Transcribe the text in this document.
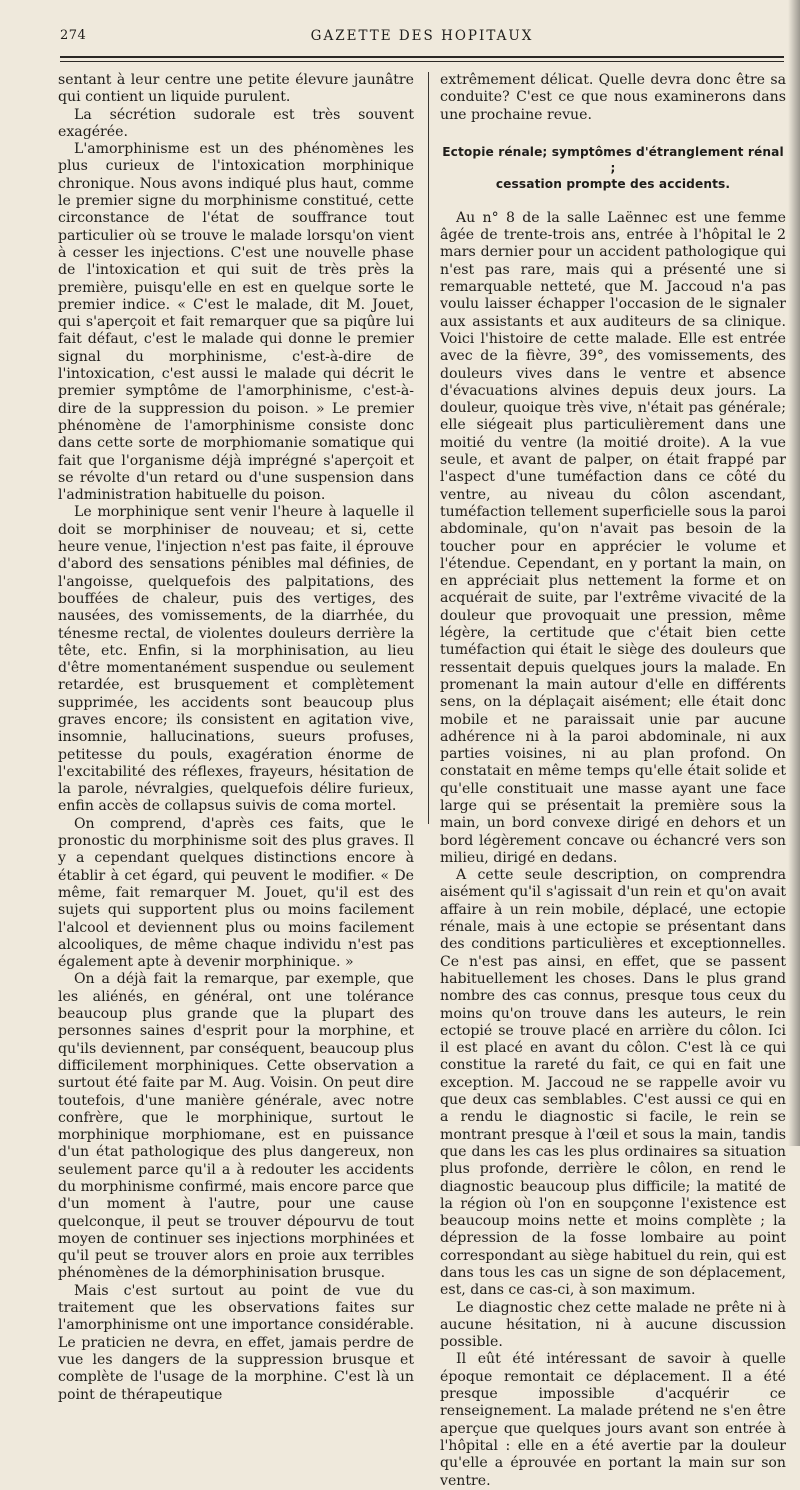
274	GAZETTE DES HOPITAUX

sentant à leur centre une petite élevure jaunâtre qui contient un liquide purulent.

La sécrétion sudorale est très souvent exagérée.

L'amorphinisme est un des phénomènes les plus curieux de l'intoxication morphinique chronique. Nous avons indiqué plus haut, comme le premier signe du morphinisme constitué, cette circonstance de l'état de souffrance tout particulier où se trouve le malade lorsqu'on vient à cesser les injections. C'est une nouvelle phase de l'intoxication et qui suit de très près la première, puisqu'elle en est en quelque sorte le premier indice. « C'est le malade, dit M. Jouet, qui s'aperçoit et fait remarquer que sa piqûre lui fait défaut, c'est le malade qui donne le premier signal du morphinisme, c'est-à-dire de l'intoxication, c'est aussi le malade qui décrit le premier symptôme de l'amorphinisme, c'est-à-dire de la suppression du poison. » Le premier phénomène de l'amorphinisme consiste donc dans cette sorte de morphiomanie somatique qui fait que l'organisme déjà imprégné s'aperçoit et se révolte d'un retard ou d'une suspension dans l'administration habituelle du poison.

Le morphinique sent venir l'heure à laquelle il doit se morphiniser de nouveau; et si, cette heure venue, l'injection n'est pas faite, il éprouve d'abord des sensations pénibles mal définies, de l'angoisse, quelquefois des palpitations, des bouffées de chaleur, puis des vertiges, des nausées, des vomissements, de la diarrhée, du ténesme rectal, de violentes douleurs derrière la tête, etc. Enfin, si la morphinisation, au lieu d'être momentanément suspendue ou seulement retardée, est brusquement et complètement supprimée, les accidents sont beaucoup plus graves encore; ils consistent en agitation vive, insomnie, hallucinations, sueurs profuses, petitesse du pouls, exagération énorme de l'excitabilité des réflexes, frayeurs, hésitation de la parole, névralgies, quelquefois délire furieux, enfin accès de collapsus suivis de coma mortel.

On comprend, d'après ces faits, que le pronostic du morphinisme soit des plus graves. Il y a cependant quelques distinctions encore à établir à cet égard, qui peuvent le modifier. « De même, fait remarquer M. Jouet, qu'il est des sujets qui supportent plus ou moins facilement l'alcool et deviennent plus ou moins facilement alcooliques, de même chaque individu n'est pas également apte à devenir morphinique. »

On a déjà fait la remarque, par exemple, que les aliénés, en général, ont une tolérance beaucoup plus grande que la plupart des personnes saines d'esprit pour la morphine, et qu'ils deviennent, par conséquent, beaucoup plus difficilement morphiniques. Cette observation a surtout été faite par M. Aug. Voisin. On peut dire toutefois, d'une manière générale, avec notre confrère, que le morphinique, surtout le morphinique morphiomane, est en puissance d'un état pathologique des plus dangereux, non seulement parce qu'il a à redouter les accidents du morphinisme confirmé, mais encore parce que d'un moment à l'autre, pour une cause quelconque, il peut se trouver dépourvu de tout moyen de continuer ses injections morphinées et qu'il peut se trouver alors en proie aux terribles phénomènes de la démorphinisation brusque.

Mais c'est surtout au point de vue du traitement que les observations faites sur l'amorphinisme ont une importance considérable. Le praticien ne devra, en effet, jamais perdre de vue les dangers de la suppression brusque et complète de l'usage de la morphine. C'est là un point de thérapeutique

extrêmement délicat. Quelle devra donc être sa conduite? C'est ce que nous examinerons dans une prochaine revue.

Ectopie rénale; symptômes d'étranglement rénal ;
cessation prompte des accidents.

Au n° 8 de la salle Laënnec est une femme âgée de trente-trois ans, entrée à l'hôpital le 2 mars dernier pour un accident pathologique qui n'est pas rare, mais qui a présenté une si remarquable netteté, que M. Jaccoud n'a pas voulu laisser échapper l'occasion de le signaler aux assistants et aux auditeurs de sa clinique. Voici l'histoire de cette malade. Elle est entrée avec de la fièvre, 39°, des vomissements, des douleurs vives dans le ventre et absence d'évacuations alvines depuis deux jours. La douleur, quoique très vive, n'était pas générale; elle siégeait plus particulièrement dans une moitié du ventre (la moitié droite). A la vue seule, et avant de palper, on était frappé par l'aspect d'une tuméfaction dans ce côté du ventre, au niveau du côlon ascendant, tuméfaction tellement superficielle sous la paroi abdominale, qu'on n'avait pas besoin de la toucher pour en apprécier le volume et l'étendue. Cependant, en y portant la main, on en appréciait plus nettement la forme et on acquérait de suite, par l'extrême vivacité de la douleur que provoquait une pression, même légère, la certitude que c'était bien cette tuméfaction qui était le siège des douleurs que ressentait depuis quelques jours la malade. En promenant la main autour d'elle en différents sens, on la déplaçait aisément; elle était donc mobile et ne paraissait unie par aucune adhérence ni à la paroi abdominale, ni aux parties voisines, ni au plan profond. On constatait en même temps qu'elle était solide et qu'elle constituait une masse ayant une face large qui se présentait la première sous la main, un bord convexe dirigé en dehors et un bord légèrement concave ou échancré vers son milieu, dirigé en dedans.

A cette seule description, on comprendra aisément qu'il s'agissait d'un rein et qu'on avait affaire à un rein mobile, déplacé, une ectopie rénale, mais à une ectopie se présentant dans des conditions particulières et exceptionnelles. Ce n'est pas ainsi, en effet, que se passent habituellement les choses. Dans le plus grand nombre des cas connus, presque tous ceux du moins qu'on trouve dans les auteurs, le rein ectopié se trouve placé en arrière du côlon. Ici il est placé en avant du côlon. C'est là ce qui constitue la rareté du fait, ce qui en fait une exception. M. Jaccoud ne se rappelle avoir vu que deux cas semblables. C'est aussi ce qui en a rendu le diagnostic si facile, le rein se montrant presque à l'œil et sous la main, tandis que dans les cas les plus ordinaires sa situation plus profonde, derrière le côlon, en rend le diagnostic beaucoup plus difficile; la matité de la région où l'on en soupçonne l'existence est beaucoup moins nette et moins complète ; la dépression de la fosse lombaire au point correspondant au siège habituel du rein, qui est dans tous les cas un signe de son déplacement, est, dans ce cas-ci, à son maximum.

Le diagnostic chez cette malade ne prête ni à aucune hésitation, ni à aucune discussion possible.

Il eût été intéressant de savoir à quelle époque remontait ce déplacement. Il a été presque impossible d'acquérir ce renseignement. La malade prétend ne s'en être aperçue que quelques jours avant son entrée à l'hôpital : elle en a été avertie par la douleur qu'elle a éprouvée en portant la main sur son ventre.
